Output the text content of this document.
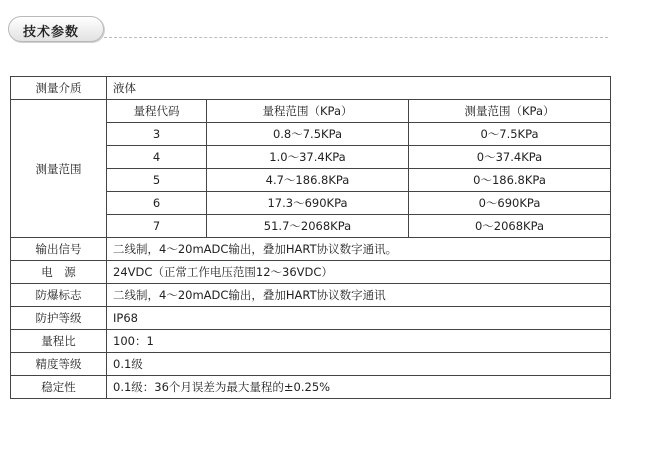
技术参数
测量介质	液体		
测量范围	量程代码	量程范围（KPa）	测量范围（KPa）
	3	0.8～7.5KPa	0～7.5KPa
	4	1.0～37.4KPa	0～37.4KPa
	5	4.7～186.8KPa	0～186.8KPa
	6	17.3～690KPa	0～690KPa
	7	51.7～2068KPa	0～2068KPa
输出信号	二线制，4～20mADC输出，叠加HART协议数字通讯。		
电　源	24VDC（正常工作电压范围12～36VDC）		
防爆标志	二线制，4～20mADC输出，叠加HART协议数字通讯		
防护等级	IP68		
量程比	100：1		
精度等级	0.1级		
稳定性	0.1级：36个月误差为最大量程的±0.25%		
